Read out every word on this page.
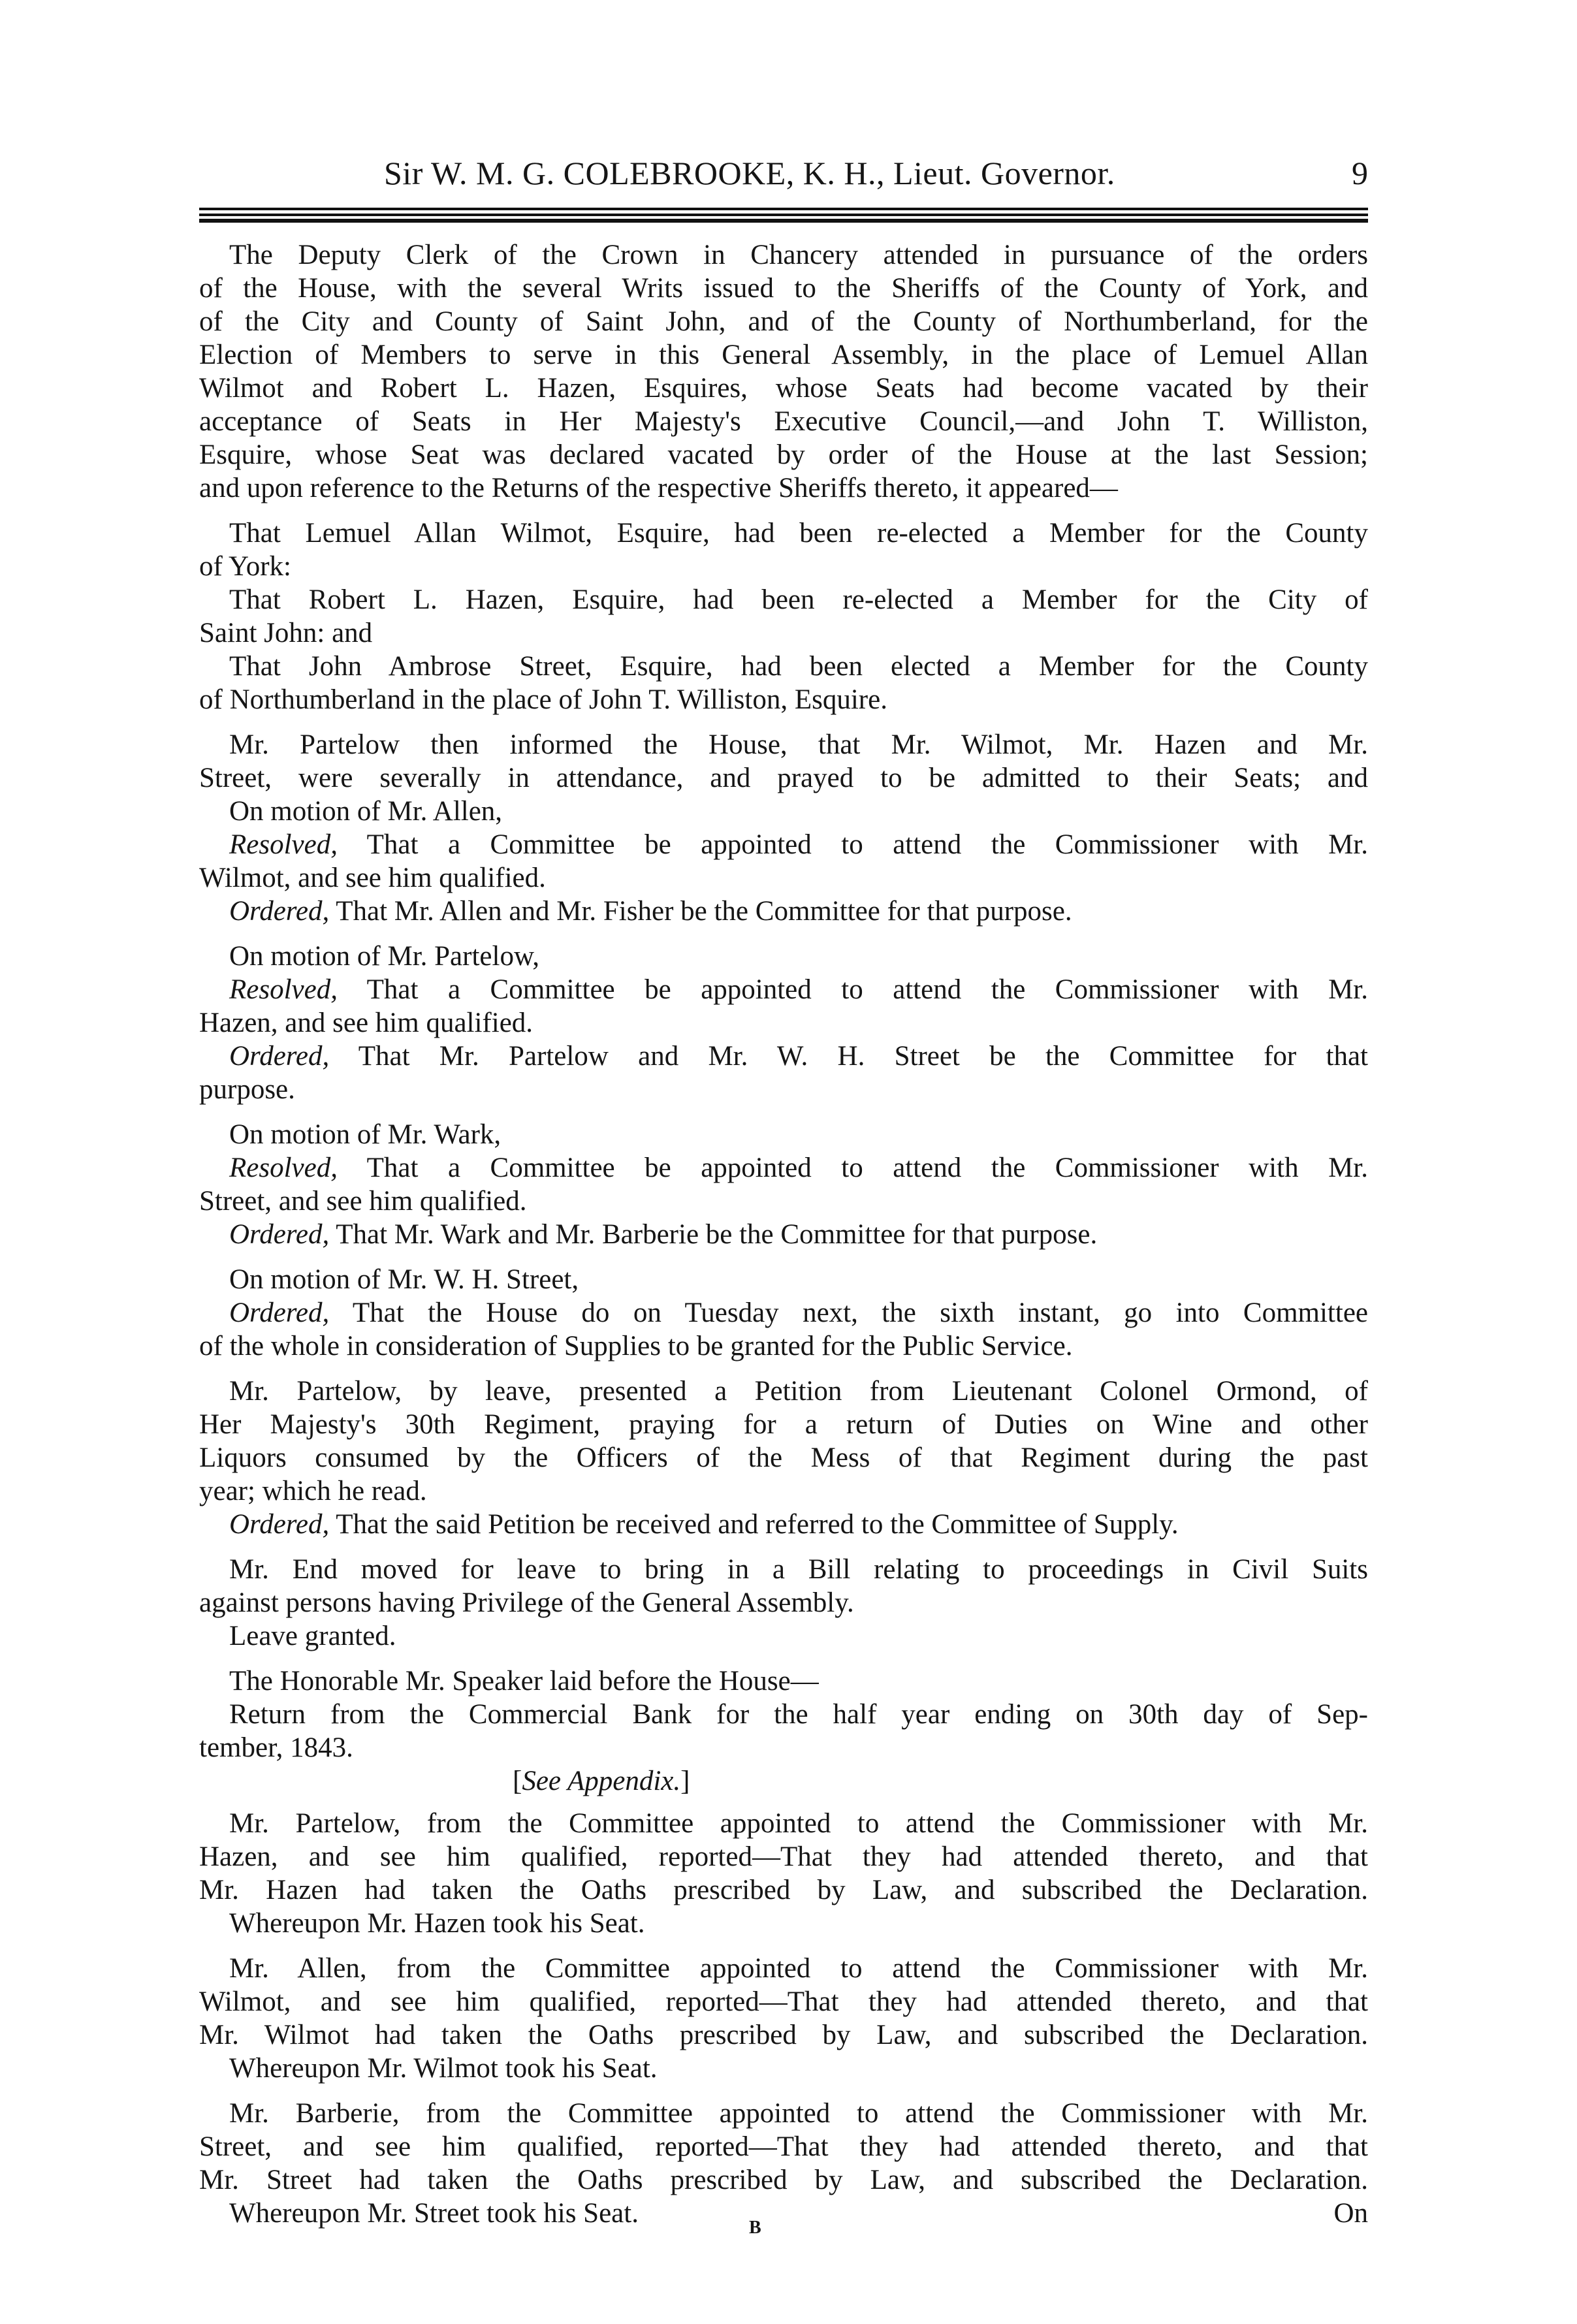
Sir W. M. G. COLEBROOKE, K. H., Lieut. Governor.	9

The Deputy Clerk of the Crown in Chancery attended in pursuance of the orders

of the House, with the several Writs issued to the Sheriffs of the County of York, and

of the City and County of Saint John, and of the County of Northumberland, for the

Election of Members to serve in this General Assembly, in the place of Lemuel Allan

Wilmot and Robert L. Hazen, Esquires, whose Seats had become vacated by their

acceptance of Seats in Her Majesty's Executive Council,—and John T. Williston,

Esquire, whose Seat was declared vacated by order of the House at the last Session;

and upon reference to the Returns of the respective Sheriffs thereto, it appeared—

That Lemuel Allan Wilmot, Esquire, had been re-elected a Member for the County

of York:

That Robert L. Hazen, Esquire, had been re-elected a Member for the City of

Saint John: and

That John Ambrose Street, Esquire, had been elected a Member for the County

of Northumberland in the place of John T. Williston, Esquire.

Mr. Partelow then informed the House, that Mr. Wilmot, Mr. Hazen and Mr.

Street, were severally in attendance, and prayed to be admitted to their Seats; and

On motion of Mr. Allen,

Resolved, That a Committee be appointed to attend the Commissioner with Mr.

Wilmot, and see him qualified.

Ordered, That Mr. Allen and Mr. Fisher be the Committee for that purpose.

On motion of Mr. Partelow,

Resolved, That a Committee be appointed to attend the Commissioner with Mr.

Hazen, and see him qualified.

Ordered, That Mr. Partelow and Mr. W. H. Street be the Committee for that

purpose.

On motion of Mr. Wark,

Resolved, That a Committee be appointed to attend the Commissioner with Mr.

Street, and see him qualified.

Ordered, That Mr. Wark and Mr. Barberie be the Committee for that purpose.

On motion of Mr. W. H. Street,

Ordered, That the House do on Tuesday next, the sixth instant, go into Committee

of the whole in consideration of Supplies to be granted for the Public Service.

Mr. Partelow, by leave, presented a Petition from Lieutenant Colonel Ormond, of

Her Majesty's 30th Regiment, praying for a return of Duties on Wine and other

Liquors consumed by the Officers of the Mess of that Regiment during the past

year; which he read.

Ordered, That the said Petition be received and referred to the Committee of Supply.

Mr. End moved for leave to bring in a Bill relating to proceedings in Civil Suits

against persons having Privilege of the General Assembly.

Leave granted.

The Honorable Mr. Speaker laid before the House—

Return from the Commercial Bank for the half year ending on 30th day of Sep-

tember, 1843.

[See Appendix.]

Mr. Partelow, from the Committee appointed to attend the Commissioner with Mr.

Hazen, and see him qualified, reported—That they had attended thereto, and that

Mr. Hazen had taken the Oaths prescribed by Law, and subscribed the Declaration.

Whereupon Mr. Hazen took his Seat.

Mr. Allen, from the Committee appointed to attend the Commissioner with Mr.

Wilmot, and see him qualified, reported—That they had attended thereto, and that

Mr. Wilmot had taken the Oaths prescribed by Law, and subscribed the Declaration.

Whereupon Mr. Wilmot took his Seat.

Mr. Barberie, from the Committee appointed to attend the Commissioner with Mr.

Street, and see him qualified, reported—That they had attended thereto, and that

Mr. Street had taken the Oaths prescribed by Law, and subscribed the Declaration.

Whereupon Mr. Street took his Seat.	On

B
